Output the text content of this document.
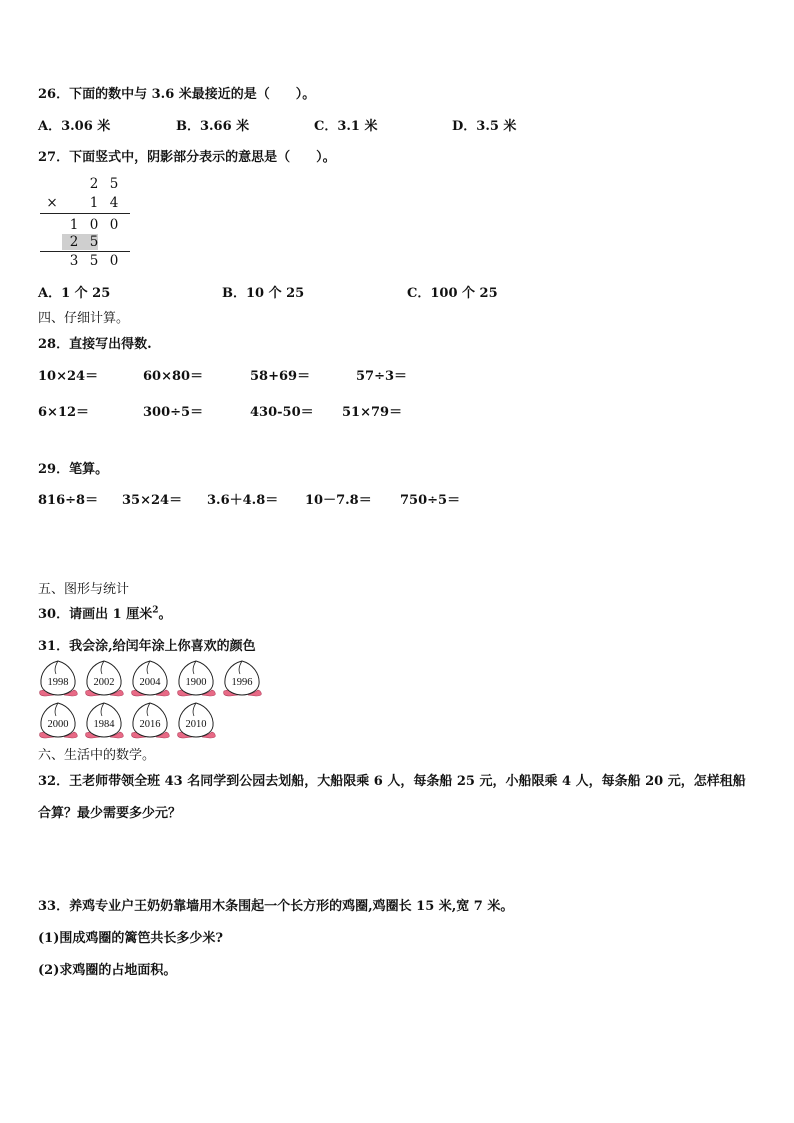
26．下面的数中与 3.6 米最接近的是（　　）。
A．3.06 米	B．3.66 米	C．3.1 米	D．3.5 米
27．下面竖式中，阴影部分表示的意思是（　　）。
2 5
× 1 4
1 0 0
2 5
3 5 0
A．1 个 25	B．10 个 25	C．100 个 25
四、仔细计算。
28．直接写出得数.
10×24＝	60×80＝	58+69＝	57÷3＝
6×12＝	300÷5＝	430-50＝ 51×79＝
29．笔算。
816÷8＝ 35×24＝ 3.6＋4.8＝ 10－7.8＝ 750÷5＝
五、图形与统计
30．请画出 1 厘米$^2$。
31．我会涂,给闰年涂上你喜欢的颜色
1998	2002	2004	1900	1996
2000	1984	2016	2010
六、生活中的数学。
32．王老师带领全班 43 名同学到公园去划船，大船限乘 6 人，每条船 25 元，小船限乘 4 人，每条船 20 元，怎样租船
合算？最少需要多少元？
33．养鸡专业户王奶奶靠墙用木条围起一个长方形的鸡圈,鸡圈长 15 米,宽 7 米。
(1)围成鸡圈的篱笆共长多少米?
(2)求鸡圈的占地面积。
